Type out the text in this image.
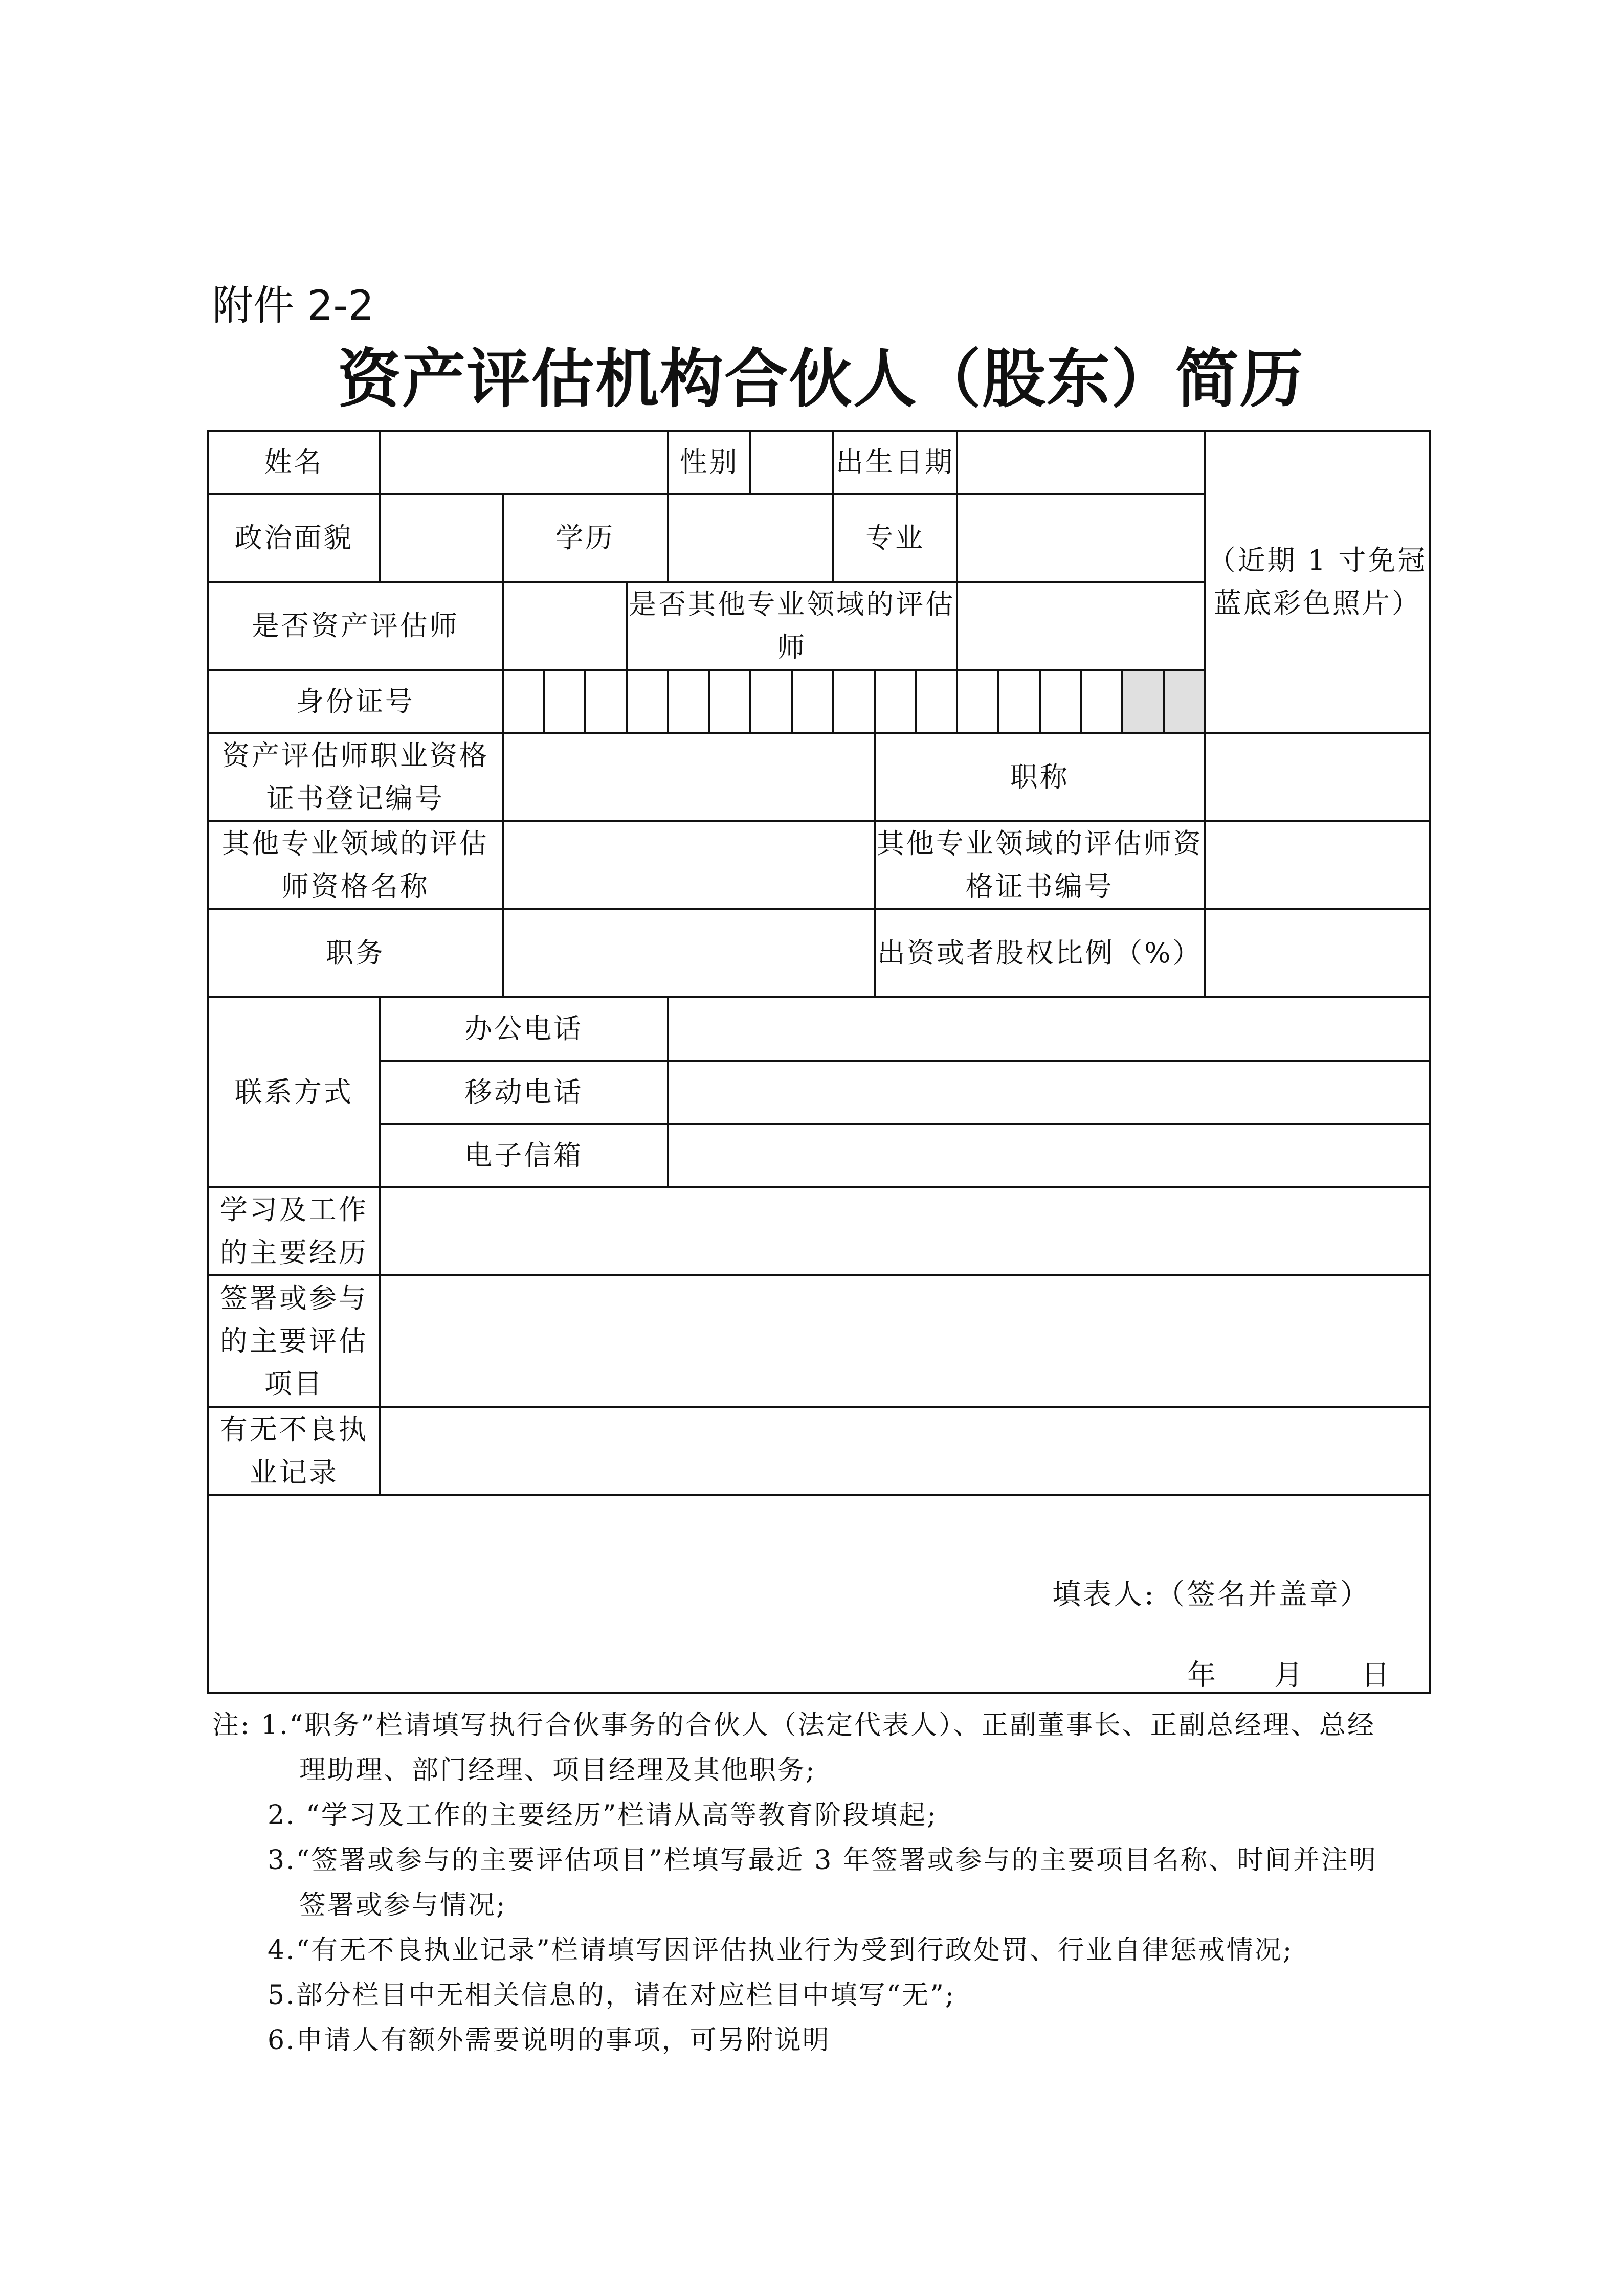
附件 2-2
资产评估机构合伙人（股东）简历
姓名						性别				出生日期									（近期 1 寸免冠蓝底彩色照片）
政治面貌		学历								专业									
是否资产评估师					是否其他专业领域的评估师														
身份证号																			
资产评估师职业资格证书登记编号											职称								
其他专业领域的评估师资格名称											其他专业领域的评估师资格证书编号								
职务											出资或者股权比例（%）								
联系方式	办公电话																		
	移动电话																		
	电子信箱																		
学习及工作的主要经历																			
签署或参与的主要评估项目																			
有无不良执业记录																			

填表人:（签名并盖章）
年 月 日																			
注: 1.“职务”栏请填写执行合伙事务的合伙人（法定代表人）、正副董事长、正副总经理、总经
理助理、部门经理、项目经理及其他职务;
2. “学习及工作的主要经历”栏请从高等教育阶段填起;
3.“签署或参与的主要评估项目”栏填写最近 3 年签署或参与的主要项目名称、时间并注明
签署或参与情况;
4.“有无不良执业记录”栏请填写因评估执业行为受到行政处罚、行业自律惩戒情况;
5.部分栏目中无相关信息的，请在对应栏目中填写“无”;
6.申请人有额外需要说明的事项，可另附说明
